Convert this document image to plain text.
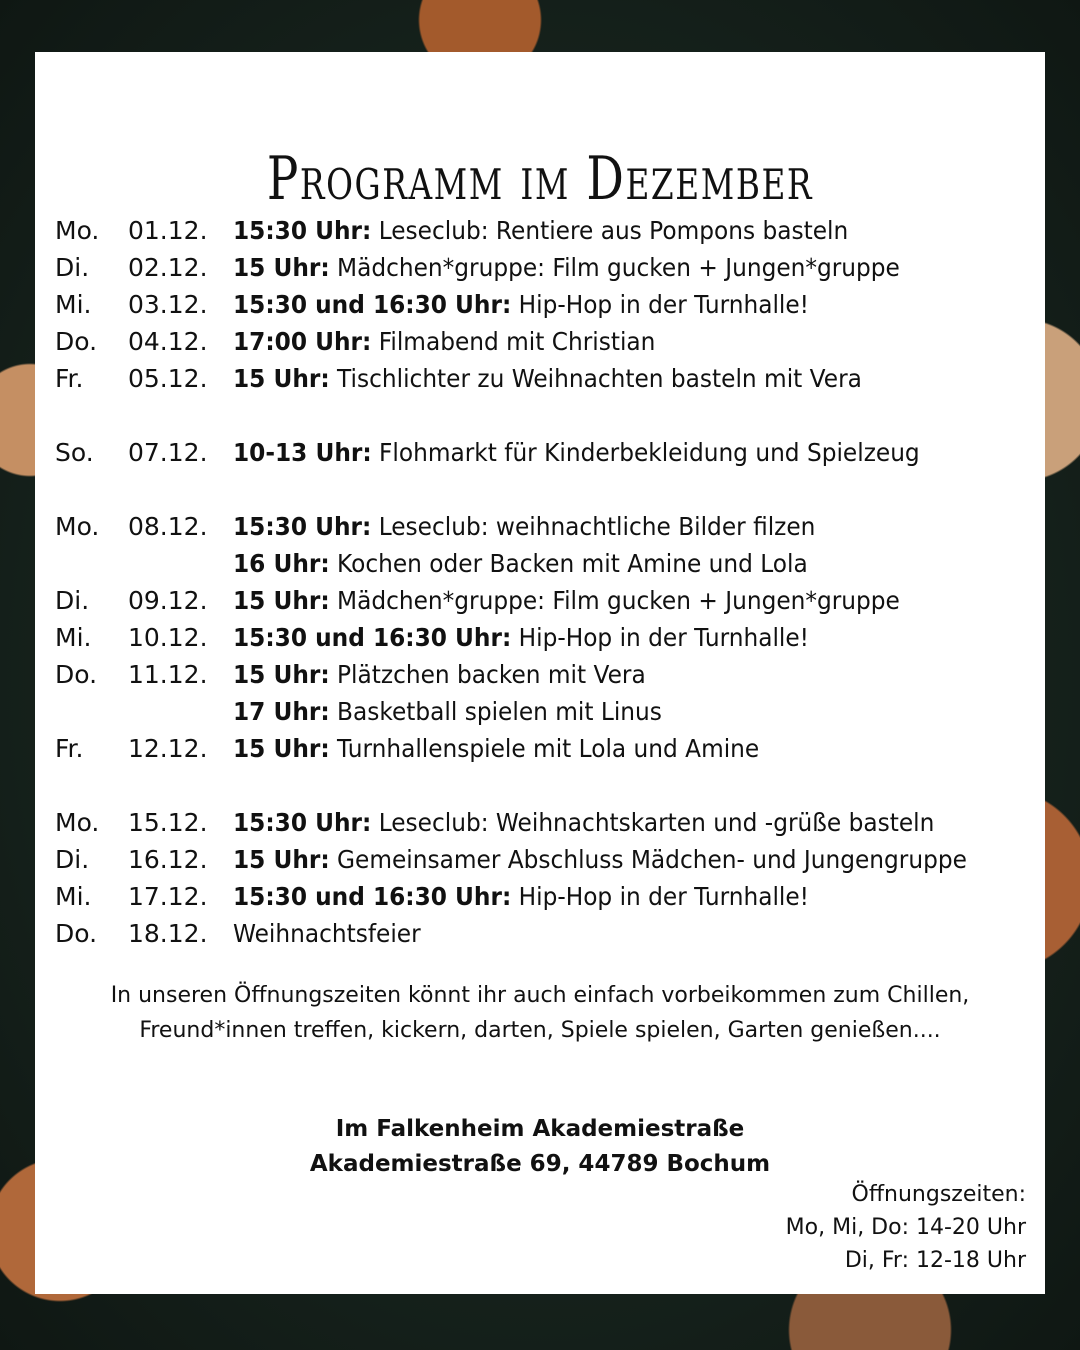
Programm im Dezember
Mo. 01.12. 15:30 Uhr: Leseclub: Rentiere aus Pompons basteln
Di. 02.12. 15 Uhr: Mädchen*gruppe: Film gucken + Jungen*gruppe
Mi. 03.12. 15:30 und 16:30 Uhr: Hip-Hop in der Turnhalle!
Do. 04.12. 17:00 Uhr: Filmabend mit Christian
Fr. 05.12. 15 Uhr: Tischlichter zu Weihnachten basteln mit Vera
So. 07.12. 10-13 Uhr: Flohmarkt für Kinderbekleidung und Spielzeug
Mo. 08.12. 15:30 Uhr: Leseclub: weihnachtliche Bilder filzen
16 Uhr: Kochen oder Backen mit Amine und Lola
Di. 09.12. 15 Uhr: Mädchen*gruppe: Film gucken + Jungen*gruppe
Mi. 10.12. 15:30 und 16:30 Uhr: Hip-Hop in der Turnhalle!
Do. 11.12. 15 Uhr: Plätzchen backen mit Vera
17 Uhr: Basketball spielen mit Linus
Fr. 12.12. 15 Uhr: Turnhallenspiele mit Lola und Amine
Mo. 15.12. 15:30 Uhr: Leseclub: Weihnachtskarten und -grüße basteln
Di. 16.12. 15 Uhr: Gemeinsamer Abschluss Mädchen- und Jungengruppe
Mi. 17.12. 15:30 und 16:30 Uhr: Hip-Hop in der Turnhalle!
Do. 18.12. Weihnachtsfeier
In unseren Öffnungszeiten könnt ihr auch einfach vorbeikommen zum Chillen, Freund*innen treffen, kickern, darten, Spiele spielen, Garten genießen....
Im Falkenheim Akademiestraße
Akademiestraße 69, 44789 Bochum
Öffnungszeiten:
Mo, Mi, Do: 14-20 Uhr
Di, Fr: 12-18 Uhr
